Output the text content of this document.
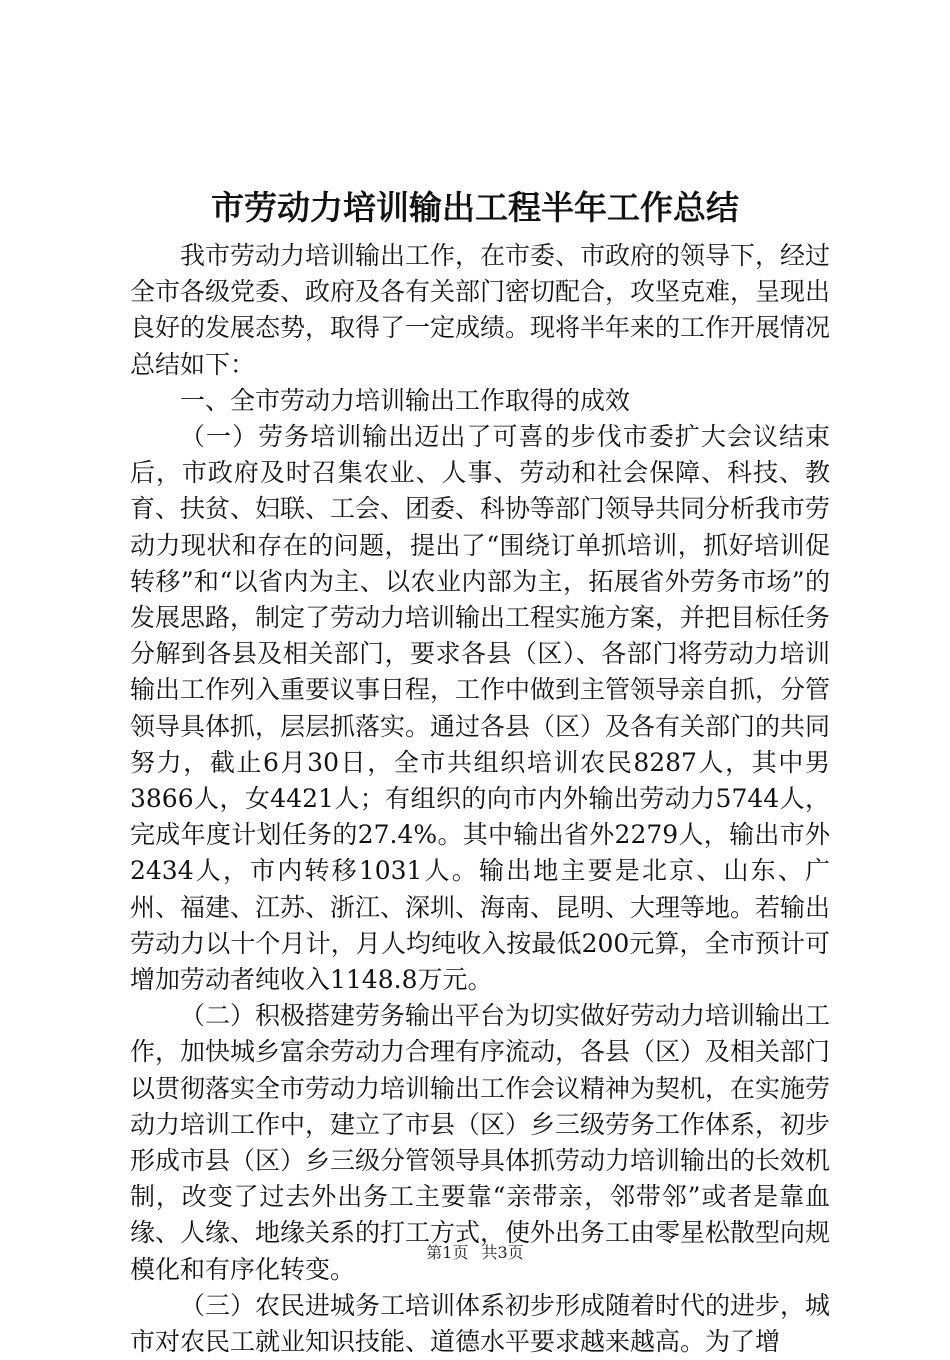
市劳动力培训输出工程半年工作总结

我市劳动力培训输出工作，在市委、市政府的领导下，经过全市各级党委、政府及各有关部门密切配合，攻坚克难，呈现出良好的发展态势，取得了一定成绩。现将半年来的工作开展情况总结如下：

一、全市劳动力培训输出工作取得的成效

（一）劳务培训输出迈出了可喜的步伐市委扩大会议结束后，市政府及时召集农业、人事、劳动和社会保障、科技、教育、扶贫、妇联、工会、团委、科协等部门领导共同分析我市劳动力现状和存在的问题，提出了“围绕订单抓培训，抓好培训促转移”和“以省内为主、以农业内部为主，拓展省外劳务市场”的发展思路，制定了劳动力培训输出工程实施方案，并把目标任务分解到各县及相关部门，要求各县（区）、各部门将劳动力培训输出工作列入重要议事日程，工作中做到主管领导亲自抓，分管领导具体抓，层层抓落实。通过各县（区）及各有关部门的共同努力，截止6月30日，全市共组织培训农民8287人，其中男3866人，女4421人；有组织的向市内外输出劳动力5744人，完成年度计划任务的27.4%。其中输出省外2279人，输出市外2434人，市内转移1031人。输出地主要是北京、山东、广州、福建、江苏、浙江、深圳、海南、昆明、大理等地。若输出劳动力以十个月计，月人均纯收入按最低200元算，全市预计可增加劳动者纯收入1148.8万元。

（二）积极搭建劳务输出平台为切实做好劳动力培训输出工作，加快城乡富余劳动力合理有序流动，各县（区）及相关部门以贯彻落实全市劳动力培训输出工作会议精神为契机，在实施劳动力培训工作中，建立了市县（区）乡三级劳务工作体系，初步形成市县（区）乡三级分管领导具体抓劳动力培训输出的长效机制，改变了过去外出务工主要靠“亲带亲，邻带邻”或者是靠血缘、人缘、地缘关系的打工方式，使外出务工由零星松散型向规模化和有序化转变。

（三）农民进城务工培训体系初步形成随着时代的进步，城市对农民工就业知识技能、道德水平要求越来越高。为了增

第1页 共3页
